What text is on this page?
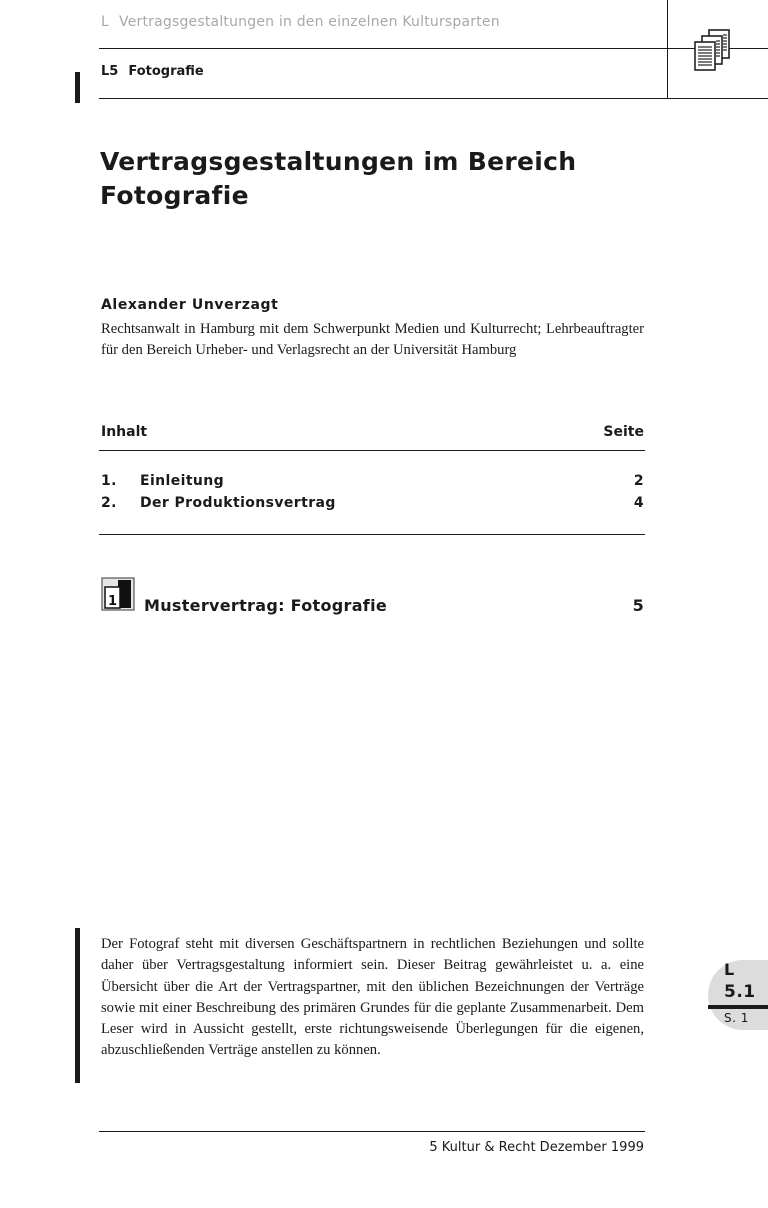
L Vertragsgestaltungen in den einzelnen Kultursparten
L5 Fotografie
Vertragsgestaltungen im Bereich
Fotografie
Alexander Unverzagt
Rechtsanwalt in Hamburg mit dem Schwerpunkt Medien und Kulturrecht; Lehrbeauftragter für den Bereich Urheber- und Verlagsrecht an der Universität Hamburg
Inhalt	Seite
1. Einleitung	2
2. Der Produktionsvertrag	4
1 Mustervertrag: Fotografie	5
Der Fotograf steht mit diversen Geschäftspartnern in rechtlichen Beziehungen und sollte daher über Vertragsgestaltung informiert sein. Dieser Beitrag gewährleistet u. a. eine Übersicht über die Art der Vertragspartner, mit den üblichen Bezeichnungen der Verträge sowie mit einer Beschreibung des primären Grundes für die geplante Zusammenarbeit. Dem Leser wird in Aussicht gestellt, erste richtungsweisende Überlegungen für die eigenen, abzuschließenden Verträge anstellen zu können.
L
5.1
S. 1
5 Kultur & Recht Dezember 1999
